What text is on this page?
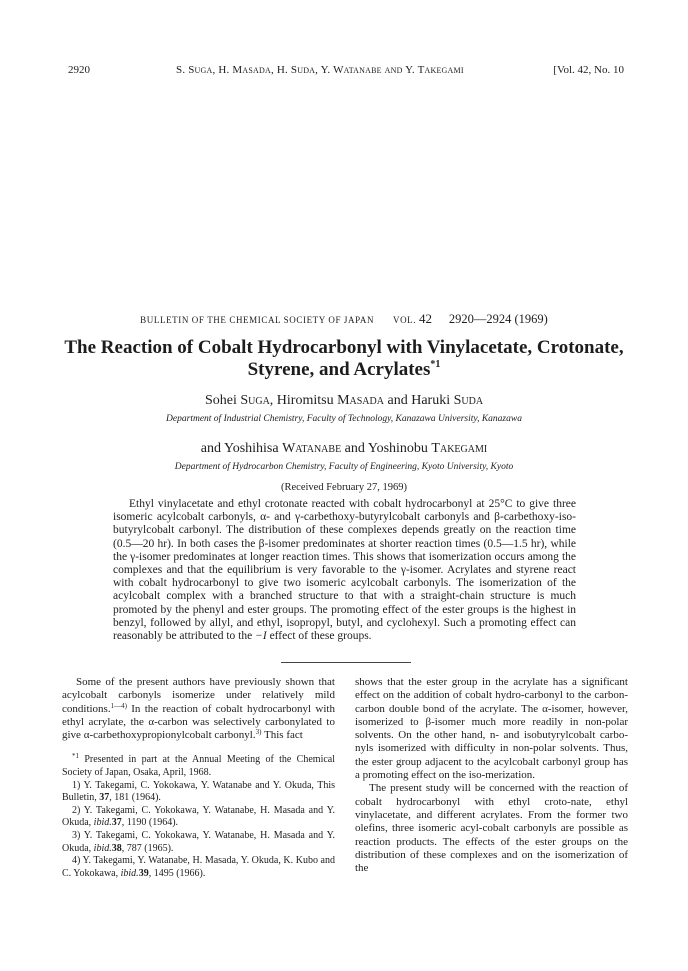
2920	S. Suga, H. Masada, H. Suda, Y. Watanabe and Y. Takegami	[Vol. 42, No. 10
BULLETIN OF THE CHEMICAL SOCIETY OF JAPAN VOL. 42 2920—2924 (1969)
The Reaction of Cobalt Hydrocarbonyl with Vinylacetate, Crotonate,
Styrene, and Acrylates$^{*1}$
Sohei Suga, Hiromitsu Masada and Haruki Suda
Department of Industrial Chemistry, Faculty of Technology, Kanazawa University, Kanazawa
and Yoshihisa Watanabe and Yoshinobu Takegami
Department of Hydrocarbon Chemistry, Faculty of Engineering, Kyoto University, Kyoto
(Received February 27, 1969)

Ethyl vinylacetate and ethyl crotonate reacted with cobalt hydrocarbonyl at 25°C to give three isomeric acylcobalt carbonyls, α- and γ-carbethoxy-butyrylcobalt carbonyls and β-carbethoxy-iso-butyrylcobalt carbonyl. The distribution of these complexes depends greatly on the reaction time (0.5—20 hr). In both cases the β-isomer predominates at shorter reaction times (0.5—1.5 hr), while the γ-isomer predominates at longer reaction times. This shows that isomerization occurs among the complexes and that the equilibrium is very favorable to the γ-isomer. Acrylates and styrene react with cobalt hydrocarbonyl to give two isomeric acylcobalt carbonyls. The isomerization of the acylcobalt complex with a branched structure to that with a straight-chain structure is much promoted by the phenyl and ester groups. The promoting effect of the ester groups is the highest in benzyl, followed by allyl, and ethyl, isopropyl, butyl, and cyclohexyl. Such a promoting effect can reasonably be attributed to the −I effect of these groups.

Some of the present authors have previously shown that acylcobalt carbonyls isomerize under relatively mild conditions.$^{1—4)}$ In the reaction of cobalt hydrocarbonyl with ethyl acrylate, the α-carbon was selectively carbonylated to give α-carbethoxypropionylcobalt carbonyl.$^{3)}$ This fact

$^{*1}$ Presented in part at the Annual Meeting of the Chemical Society of Japan, Osaka, April, 1968.

1) Y. Takegami, C. Yokokawa, Y. Watanabe and Y. Okuda, This Bulletin, 37, 181 (1964).

2) Y. Takegami, C. Yokokawa, Y. Watanabe, H. Masada and Y. Okuda, ibid.37, 1190 (1964).

3) Y. Takegami, C. Yokokawa, Y. Watanabe, H. Masada and Y. Okuda, ibid.38, 787 (1965).

4) Y. Takegami, Y. Watanabe, H. Masada, Y. Okuda, K. Kubo and C. Yokokawa, ibid.39, 1495 (1966).

shows that the ester group in the acrylate has a significant effect on the addition of cobalt hydro-carbonyl to the carbon-carbon double bond of the acrylate. The α-isomer, however, isomerized to β-isomer much more readily in non-polar solvents. On the other hand, n- and isobutyrylcobalt carbo-nyls isomerized with difficulty in non-polar solvents. Thus, the ester group adjacent to the acylcobalt carbonyl group has a promoting effect on the iso-merization.

The present study will be concerned with the reaction of cobalt hydrocarbonyl with ethyl croto-nate, ethyl vinylacetate, and different acrylates. From the former two olefins, three isomeric acyl-cobalt carbonyls are possible as reaction products. The effects of the ester groups on the distribution of these complexes and on the isomerization of the
